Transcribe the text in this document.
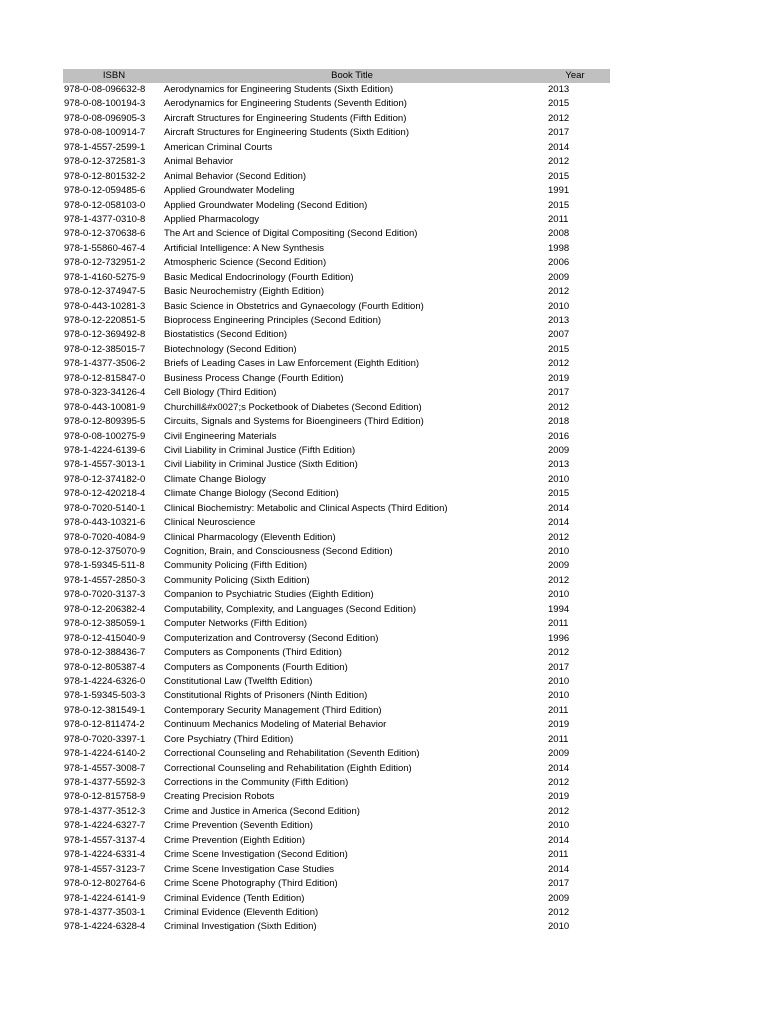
ISBN	Book Title	Year
978-0-08-096632-8	Aerodynamics for Engineering Students (Sixth Edition)	2013
978-0-08-100194-3	Aerodynamics for Engineering Students (Seventh Edition)	2015
978-0-08-096905-3	Aircraft Structures for Engineering Students (Fifth Edition)	2012
978-0-08-100914-7	Aircraft Structures for Engineering Students (Sixth Edition)	2017
978-1-4557-2599-1	American Criminal Courts	2014
978-0-12-372581-3	Animal Behavior	2012
978-0-12-801532-2	Animal Behavior (Second Edition)	2015
978-0-12-059485-6	Applied Groundwater Modeling	1991
978-0-12-058103-0	Applied Groundwater Modeling (Second Edition)	2015
978-1-4377-0310-8	Applied Pharmacology	2011
978-0-12-370638-6	The Art and Science of Digital Compositing (Second Edition)	2008
978-1-55860-467-4	Artificial Intelligence: A New Synthesis	1998
978-0-12-732951-2	Atmospheric Science (Second Edition)	2006
978-1-4160-5275-9	Basic Medical Endocrinology (Fourth Edition)	2009
978-0-12-374947-5	Basic Neurochemistry (Eighth Edition)	2012
978-0-443-10281-3	Basic Science in Obstetrics and Gynaecology (Fourth Edition)	2010
978-0-12-220851-5	Bioprocess Engineering Principles (Second Edition)	2013
978-0-12-369492-8	Biostatistics (Second Edition)	2007
978-0-12-385015-7	Biotechnology (Second Edition)	2015
978-1-4377-3506-2	Briefs of Leading Cases in Law Enforcement (Eighth Edition)	2012
978-0-12-815847-0	Business Process Change (Fourth Edition)	2019
978-0-323-34126-4	Cell Biology (Third Edition)	2017
978-0-443-10081-9	Churchill&#x0027;s Pocketbook of Diabetes (Second Edition)	2012
978-0-12-809395-5	Circuits, Signals and Systems for Bioengineers (Third Edition)	2018
978-0-08-100275-9	Civil Engineering Materials	2016
978-1-4224-6139-6	Civil Liability in Criminal Justice (Fifth Edition)	2009
978-1-4557-3013-1	Civil Liability in Criminal Justice (Sixth Edition)	2013
978-0-12-374182-0	Climate Change Biology	2010
978-0-12-420218-4	Climate Change Biology (Second Edition)	2015
978-0-7020-5140-1	Clinical Biochemistry: Metabolic and Clinical Aspects (Third Edition)	2014
978-0-443-10321-6	Clinical Neuroscience	2014
978-0-7020-4084-9	Clinical Pharmacology (Eleventh Edition)	2012
978-0-12-375070-9	Cognition, Brain, and Consciousness (Second Edition)	2010
978-1-59345-511-8	Community Policing (Fifth Edition)	2009
978-1-4557-2850-3	Community Policing (Sixth Edition)	2012
978-0-7020-3137-3	Companion to Psychiatric Studies (Eighth Edition)	2010
978-0-12-206382-4	Computability, Complexity, and Languages (Second Edition)	1994
978-0-12-385059-1	Computer Networks (Fifth Edition)	2011
978-0-12-415040-9	Computerization and Controversy (Second Edition)	1996
978-0-12-388436-7	Computers as Components (Third Edition)	2012
978-0-12-805387-4	Computers as Components (Fourth Edition)	2017
978-1-4224-6326-0	Constitutional Law (Twelfth Edition)	2010
978-1-59345-503-3	Constitutional Rights of Prisoners (Ninth Edition)	2010
978-0-12-381549-1	Contemporary Security Management (Third Edition)	2011
978-0-12-811474-2	Continuum Mechanics Modeling of Material Behavior	2019
978-0-7020-3397-1	Core Psychiatry (Third Edition)	2011
978-1-4224-6140-2	Correctional Counseling and Rehabilitation (Seventh Edition)	2009
978-1-4557-3008-7	Correctional Counseling and Rehabilitation (Eighth Edition)	2014
978-1-4377-5592-3	Corrections in the Community (Fifth Edition)	2012
978-0-12-815758-9	Creating Precision Robots	2019
978-1-4377-3512-3	Crime and Justice in America (Second Edition)	2012
978-1-4224-6327-7	Crime Prevention (Seventh Edition)	2010
978-1-4557-3137-4	Crime Prevention (Eighth Edition)	2014
978-1-4224-6331-4	Crime Scene Investigation (Second Edition)	2011
978-1-4557-3123-7	Crime Scene Investigation Case Studies	2014
978-0-12-802764-6	Crime Scene Photography (Third Edition)	2017
978-1-4224-6141-9	Criminal Evidence (Tenth Edition)	2009
978-1-4377-3503-1	Criminal Evidence (Eleventh Edition)	2012
978-1-4224-6328-4	Criminal Investigation (Sixth Edition)	2010
